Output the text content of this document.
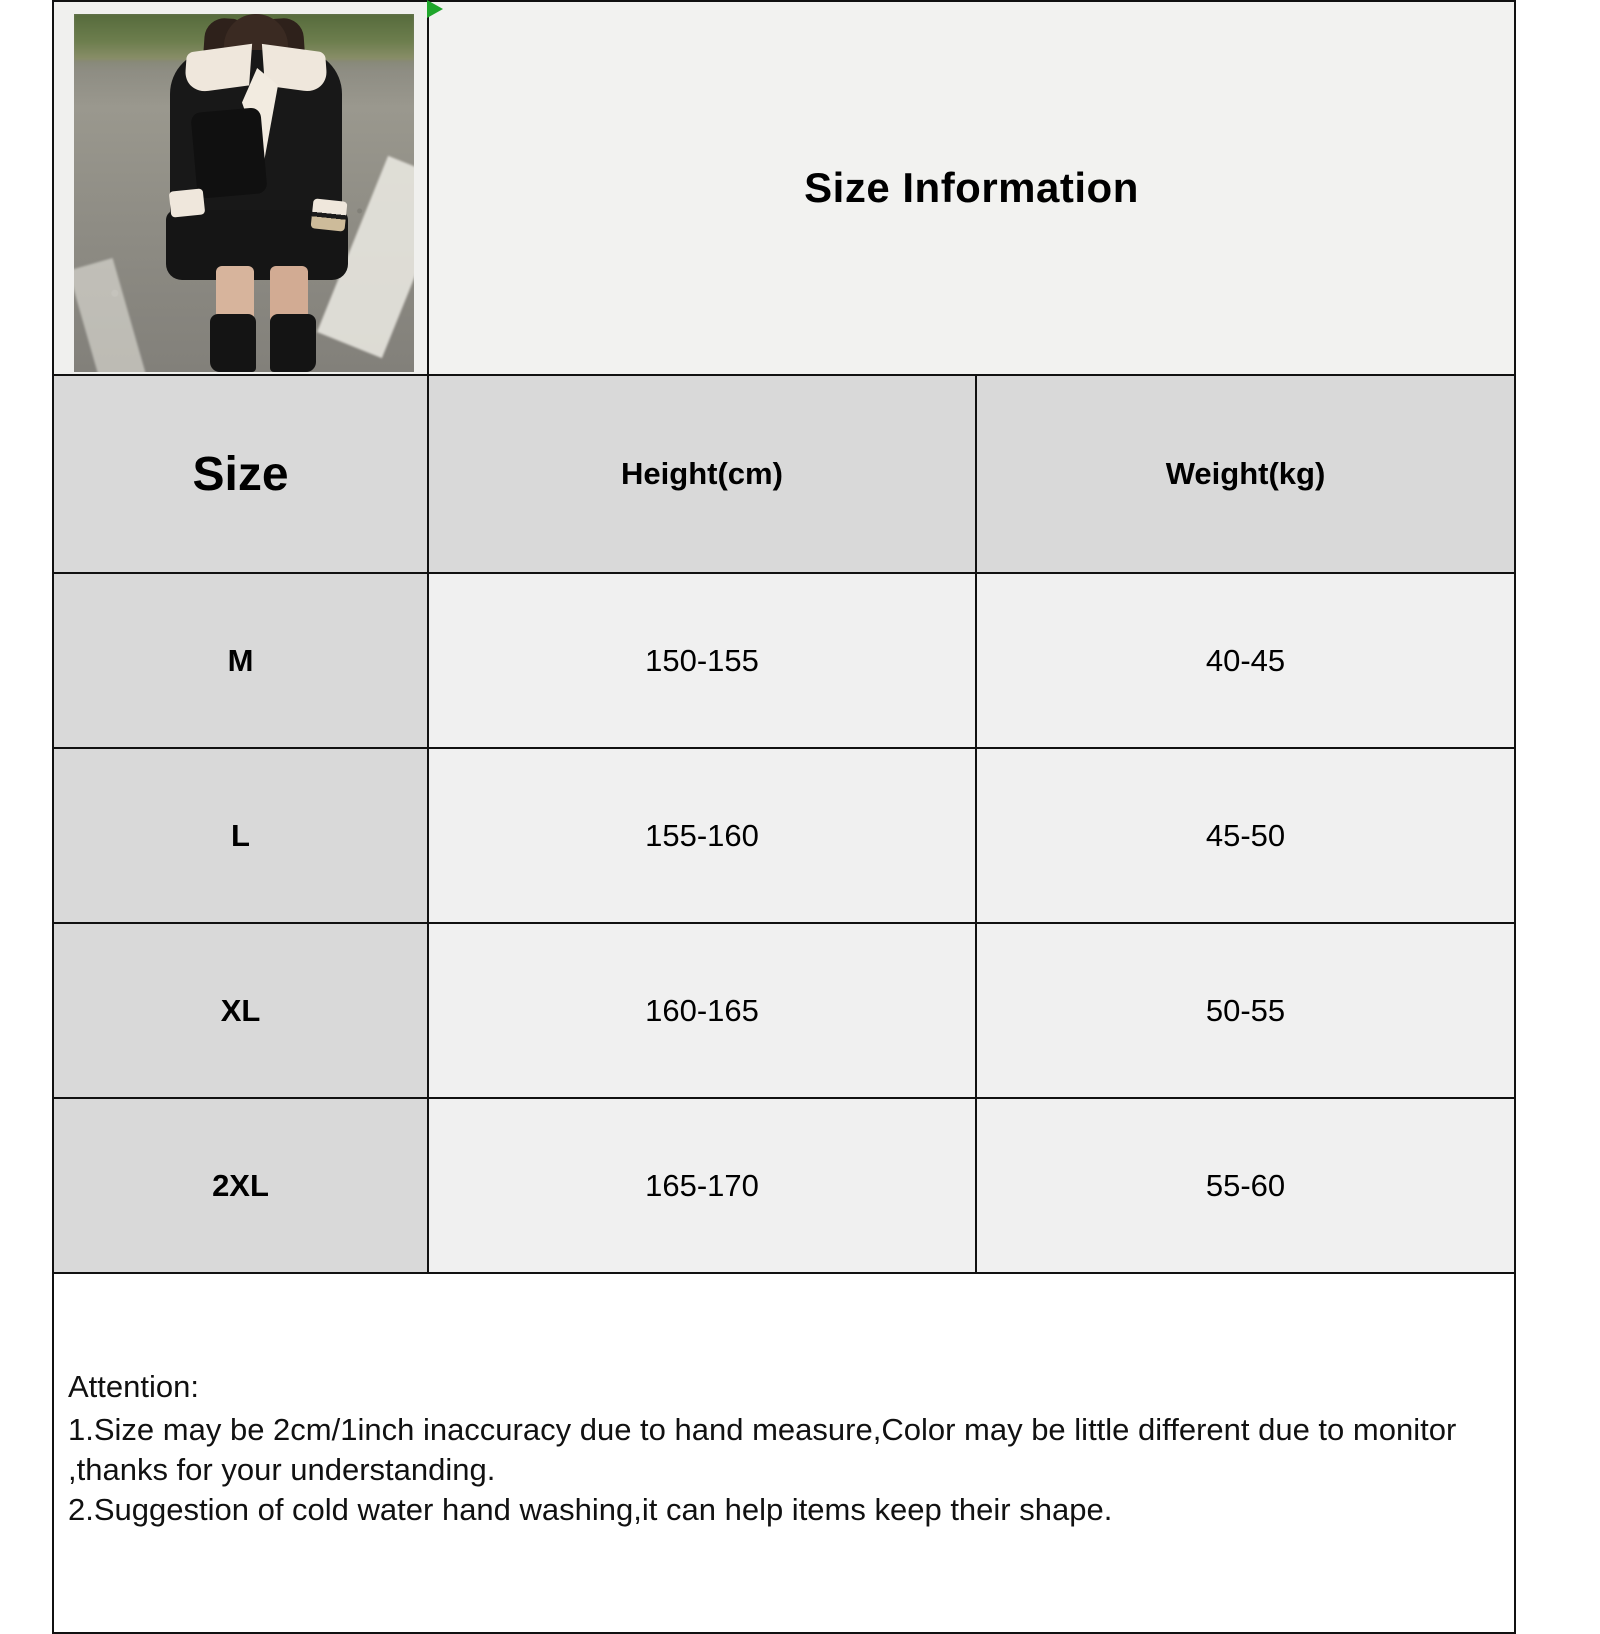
	Size Information	
Size	Height(cm)	Weight(kg)
M	150-155	40-45
L	155-160	45-50
XL	160-165	50-55
2XL	165-170	55-60

Attention:

1.Size may be 2cm/1inch inaccuracy due to hand measure,Color may be little different due to monitor ,thanks for your understanding.

2.Suggestion of cold water hand washing,it can help items keep their shape.		
